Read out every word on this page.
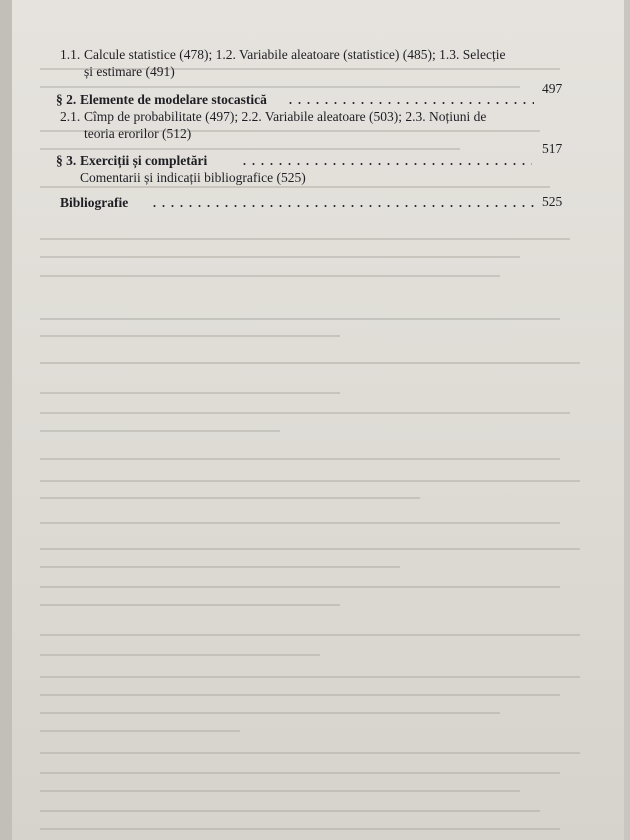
1.1. Calcule statistice (478); 1.2. Variabile aleatoare (statistice) (485); 1.3. Selecție
și estimare (491)
§ 2. Elemente de modelare stocastică
497
2.1. Cîmp de probabilitate (497); 2.2. Variabile aleatoare (503); 2.3. Noțiuni de
teoria erorilor (512)
§ 3. Exerciții și completări
517
Comentarii și indicații bibliografice (525)
Bibliografie	525
